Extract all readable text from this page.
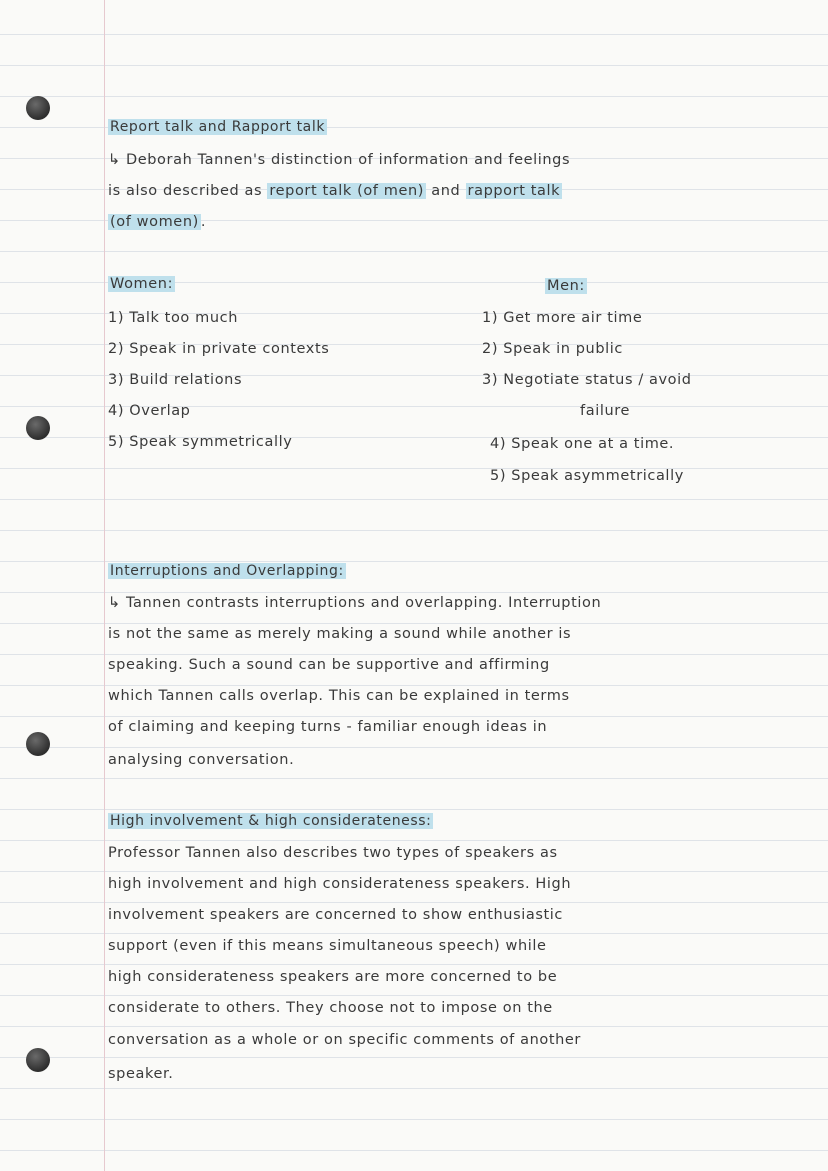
Report talk and Rapport talk
↳ Deborah Tannen's distinction of information and feelings
is also described as report talk (of men) and rapport talk
(of women) .
Women:
1) Talk too much
2) Speak in private contexts
3) Build relations
4) Overlap
5) Speak symmetrically
Men:
1) Get more air time
2) Speak in public
3) Negotiate status / avoid
failure
4) Speak one at a time.
5) Speak asymmetrically
Interruptions and Overlapping:
↳ Tannen contrasts interruptions and overlapping. Interruption
is not the same as merely making a sound while another is
speaking. Such a sound can be supportive and affirming
which Tannen calls overlap. This can be explained in terms
of claiming and keeping turns - familiar enough ideas in
analysing conversation.
High involvement & high considerateness:
Professor Tannen also describes two types of speakers as
high involvement and high considerateness speakers. High
involvement speakers are concerned to show enthusiastic
support (even if this means simultaneous speech) while
high considerateness speakers are more concerned to be
considerate to others. They choose not to impose on the
conversation as a whole or on specific comments of another
speaker.
